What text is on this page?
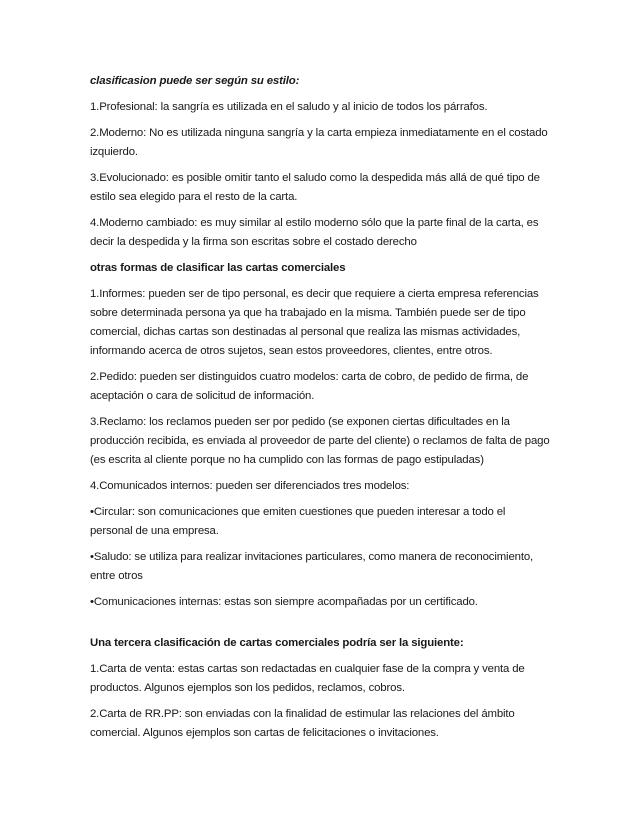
clasificasion puede ser según su estilo:

1.Profesional: la sangría es utilizada en el saludo y al inicio de todos los párrafos.

2.Moderno: No es utilizada ninguna sangría y la carta empieza inmediatamente en el costado izquierdo.

3.Evolucionado: es posible omitir tanto el saludo como la despedida más allá de qué tipo de estilo sea elegido para el resto de la carta.

4.Moderno cambiado: es muy similar al estilo moderno sólo que la parte final de la carta, es decir la despedida y la firma son escritas sobre el costado derecho

otras formas de clasificar las cartas comerciales

1.Informes: pueden ser de tipo personal, es decir que requiere a cierta empresa referencias sobre determinada persona ya que ha trabajado en la misma. También puede ser de tipo comercial, dichas cartas son destinadas al personal que realiza las mismas actividades, informando acerca de otros sujetos, sean estos proveedores, clientes, entre otros.

2.Pedido: pueden ser distinguidos cuatro modelos: carta de cobro, de pedido de firma, de aceptación o cara de solicitud de información.

3.Reclamo: los reclamos pueden ser por pedido (se exponen ciertas dificultades en la producción recibida, es enviada al proveedor de parte del cliente) o reclamos de falta de pago (es escrita al cliente porque no ha cumplido con las formas de pago estipuladas)

4.Comunicados internos: pueden ser diferenciados tres modelos:

•Circular: son comunicaciones que emiten cuestiones que pueden interesar a todo el personal de una empresa.

•Saludo: se utiliza para realizar invitaciones particulares, como manera de reconocimiento, entre otros

•Comunicaciones internas: estas son siempre acompañadas por un certificado.

Una tercera clasificación de cartas comerciales podría ser la siguiente:

1.Carta de venta: estas cartas son redactadas en cualquier fase de la compra y venta de productos. Algunos ejemplos son los pedidos, reclamos, cobros.

2.Carta de RR.PP: son enviadas con la finalidad de estimular las relaciones del ámbito comercial. Algunos ejemplos son cartas de felicitaciones o invitaciones.
